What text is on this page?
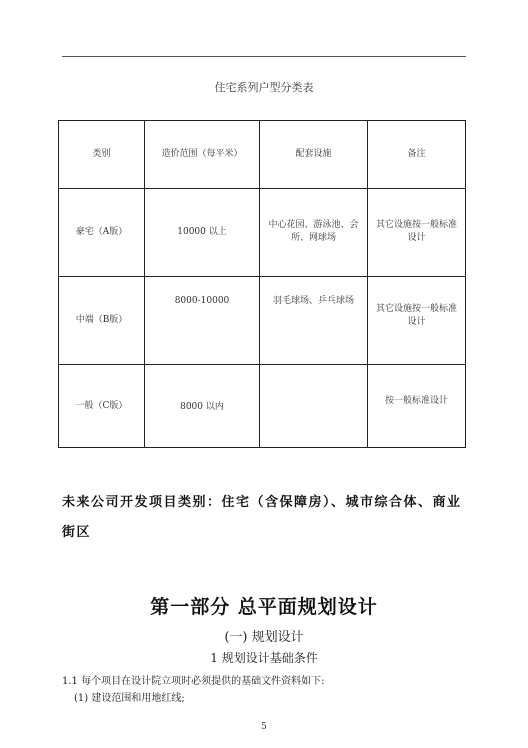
住宅系列户型分类表
类别	造价范围（每平米）	配套设施	备注
豪宅（A版）	10000 以上	中心花园、游泳池、会所、网球场	其它设施按一般标准设计
中端（B版）	8000-10000	羽毛球场、乒乓球场	其它设施按一般标准设计
一般（C版）	8000 以内		按一般标准设计
未来公司开发项目类别：住宅（含保障房）、城市综合体、商业街区
第一部分 总平面规划设计
(一) 规划设计
1 规划设计基础条件
1.1 每个项目在设计院立项时必须提供的基础文件资料如下:
(1) 建设范围和用地红线;
5
